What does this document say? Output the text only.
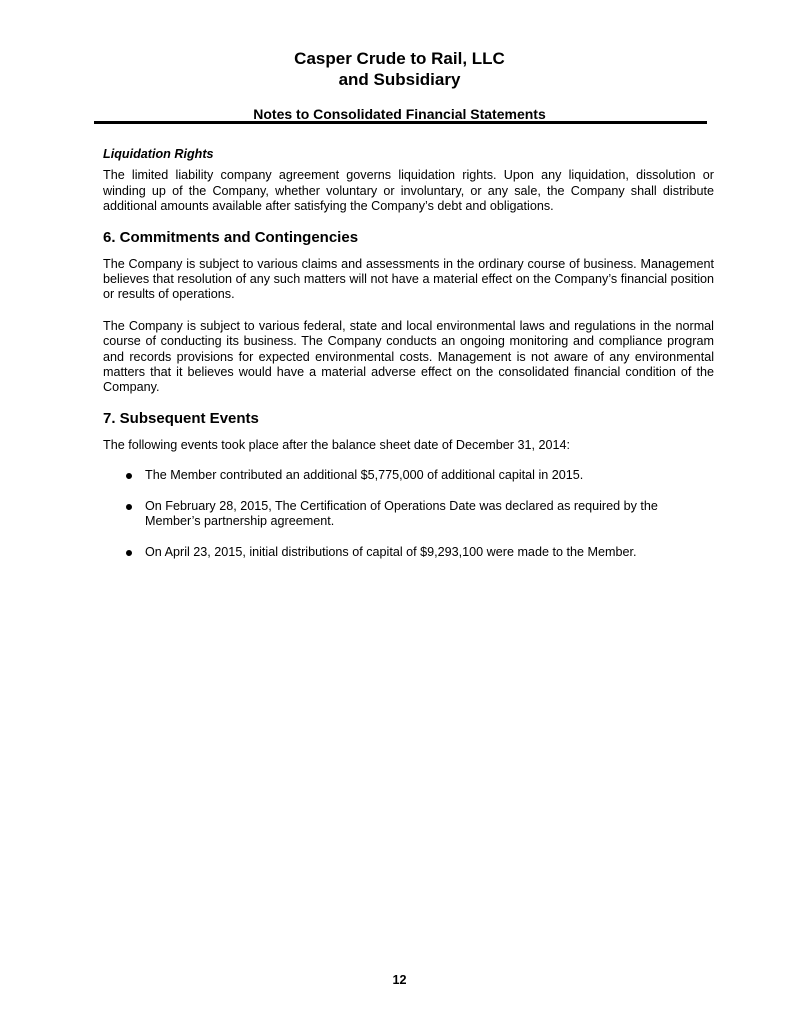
Casper Crude to Rail, LLC
and Subsidiary
Notes to Consolidated Financial Statements
Liquidation Rights

The limited liability company agreement governs liquidation rights. Upon any liquidation, dissolution or winding up of the Company, whether voluntary or involuntary, or any sale, the Company shall distribute additional amounts available after satisfying the Company’s debt and obligations.

6. Commitments and Contingencies

The Company is subject to various claims and assessments in the ordinary course of business. Management believes that resolution of any such matters will not have a material effect on the Company’s financial position or results of operations.

The Company is subject to various federal, state and local environmental laws and regulations in the normal course of conducting its business. The Company conducts an ongoing monitoring and compliance program and records provisions for expected environmental costs. Management is not aware of any environmental matters that it believes would have a material adverse effect on the consolidated financial condition of the Company.

7. Subsequent Events

The following events took place after the balance sheet date of December 31, 2014:

The Member contributed an additional $5,775,000 of additional capital in 2015.
On February 28, 2015, The Certification of Operations Date was declared as required by the Member’s partnership agreement.
On April 23, 2015, initial distributions of capital of $9,293,100 were made to the Member.
12
